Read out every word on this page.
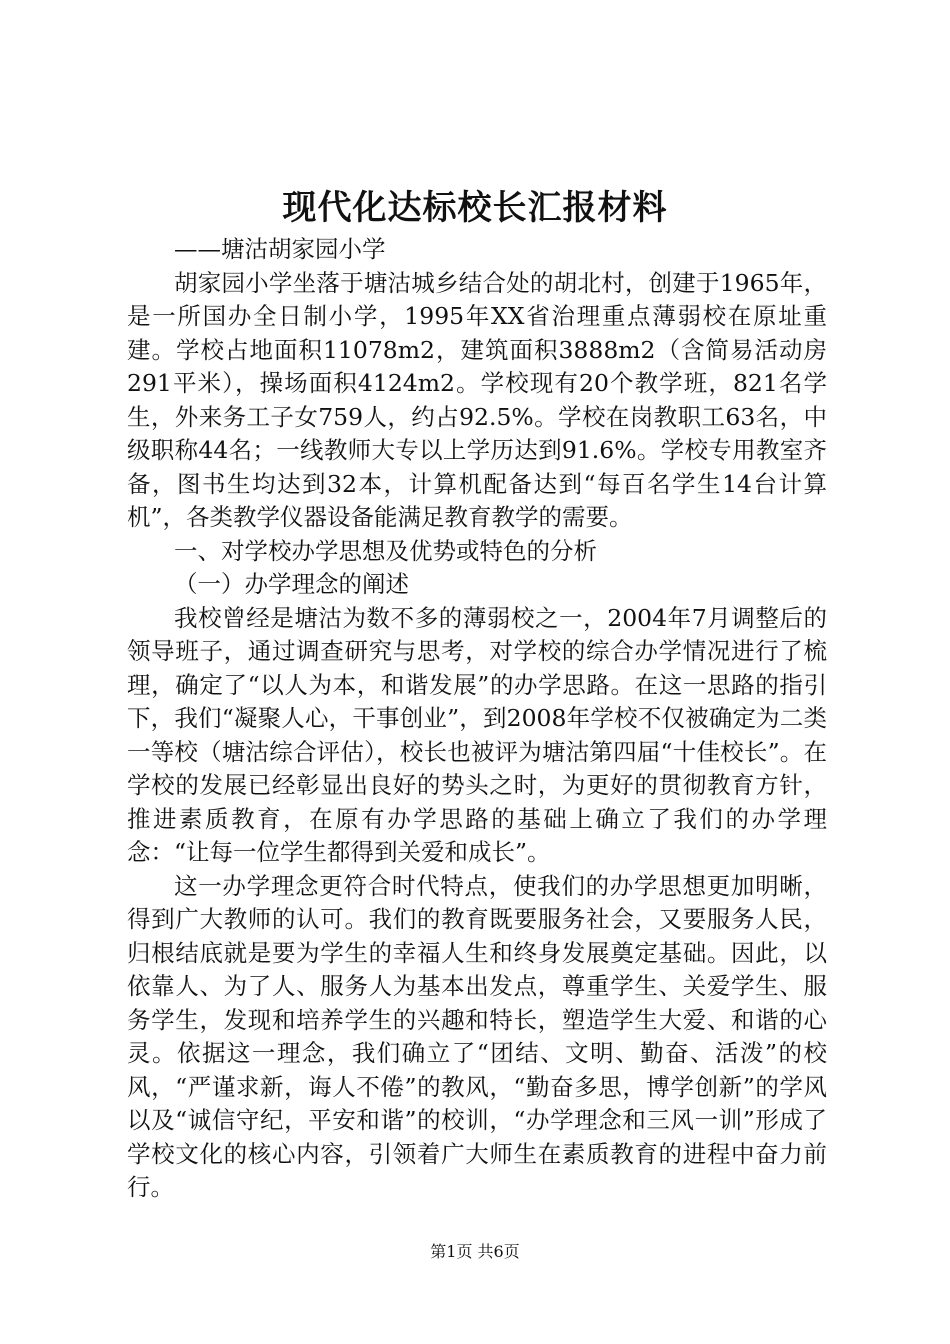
现代化达标校长汇报材料

——塘沽胡家园小学

胡家园小学坐落于塘沽城乡结合处的胡北村，创建于1965年，是一所国办全日制小学，1995年XX省治理重点薄弱校在原址重建。学校占地面积11078m2，建筑面积3888m2（含简易活动房291平米），操场面积4124m2。学校现有20个教学班，821名学生，外来务工子女759人，约占92.5%。学校在岗教职工63名，中级职称44名；一线教师大专以上学历达到91.6%。学校专用教室齐备，图书生均达到32本，计算机配备达到“每百名学生14台计算机”，各类教学仪器设备能满足教育教学的需要。

一、对学校办学思想及优势或特色的分析

（一）办学理念的阐述

我校曾经是塘沽为数不多的薄弱校之一，2004年7月调整后的领导班子，通过调查研究与思考，对学校的综合办学情况进行了梳理，确定了“以人为本，和谐发展”的办学思路。在这一思路的指引下，我们“凝聚人心，干事创业”，到2008年学校不仅被确定为二类一等校（塘沽综合评估），校长也被评为塘沽第四届“十佳校长”。在学校的发展已经彰显出良好的势头之时，为更好的贯彻教育方针，推进素质教育，在原有办学思路的基础上确立了我们的办学理念：“让每一位学生都得到关爱和成长”。

这一办学理念更符合时代特点，使我们的办学思想更加明晰，得到广大教师的认可。我们的教育既要服务社会，又要服务人民，归根结底就是要为学生的幸福人生和终身发展奠定基础。因此，以依靠人、为了人、服务人为基本出发点，尊重学生、关爱学生、服务学生，发现和培养学生的兴趣和特长，塑造学生大爱、和谐的心灵。依据这一理念，我们确立了“团结、文明、勤奋、活泼”的校风，“严谨求新，诲人不倦”的教风，“勤奋多思，博学创新”的学风以及“诚信守纪，平安和谐”的校训，“办学理念和三风一训”形成了学校文化的核心内容，引领着广大师生在素质教育的进程中奋力前行。

第1页 共6页
